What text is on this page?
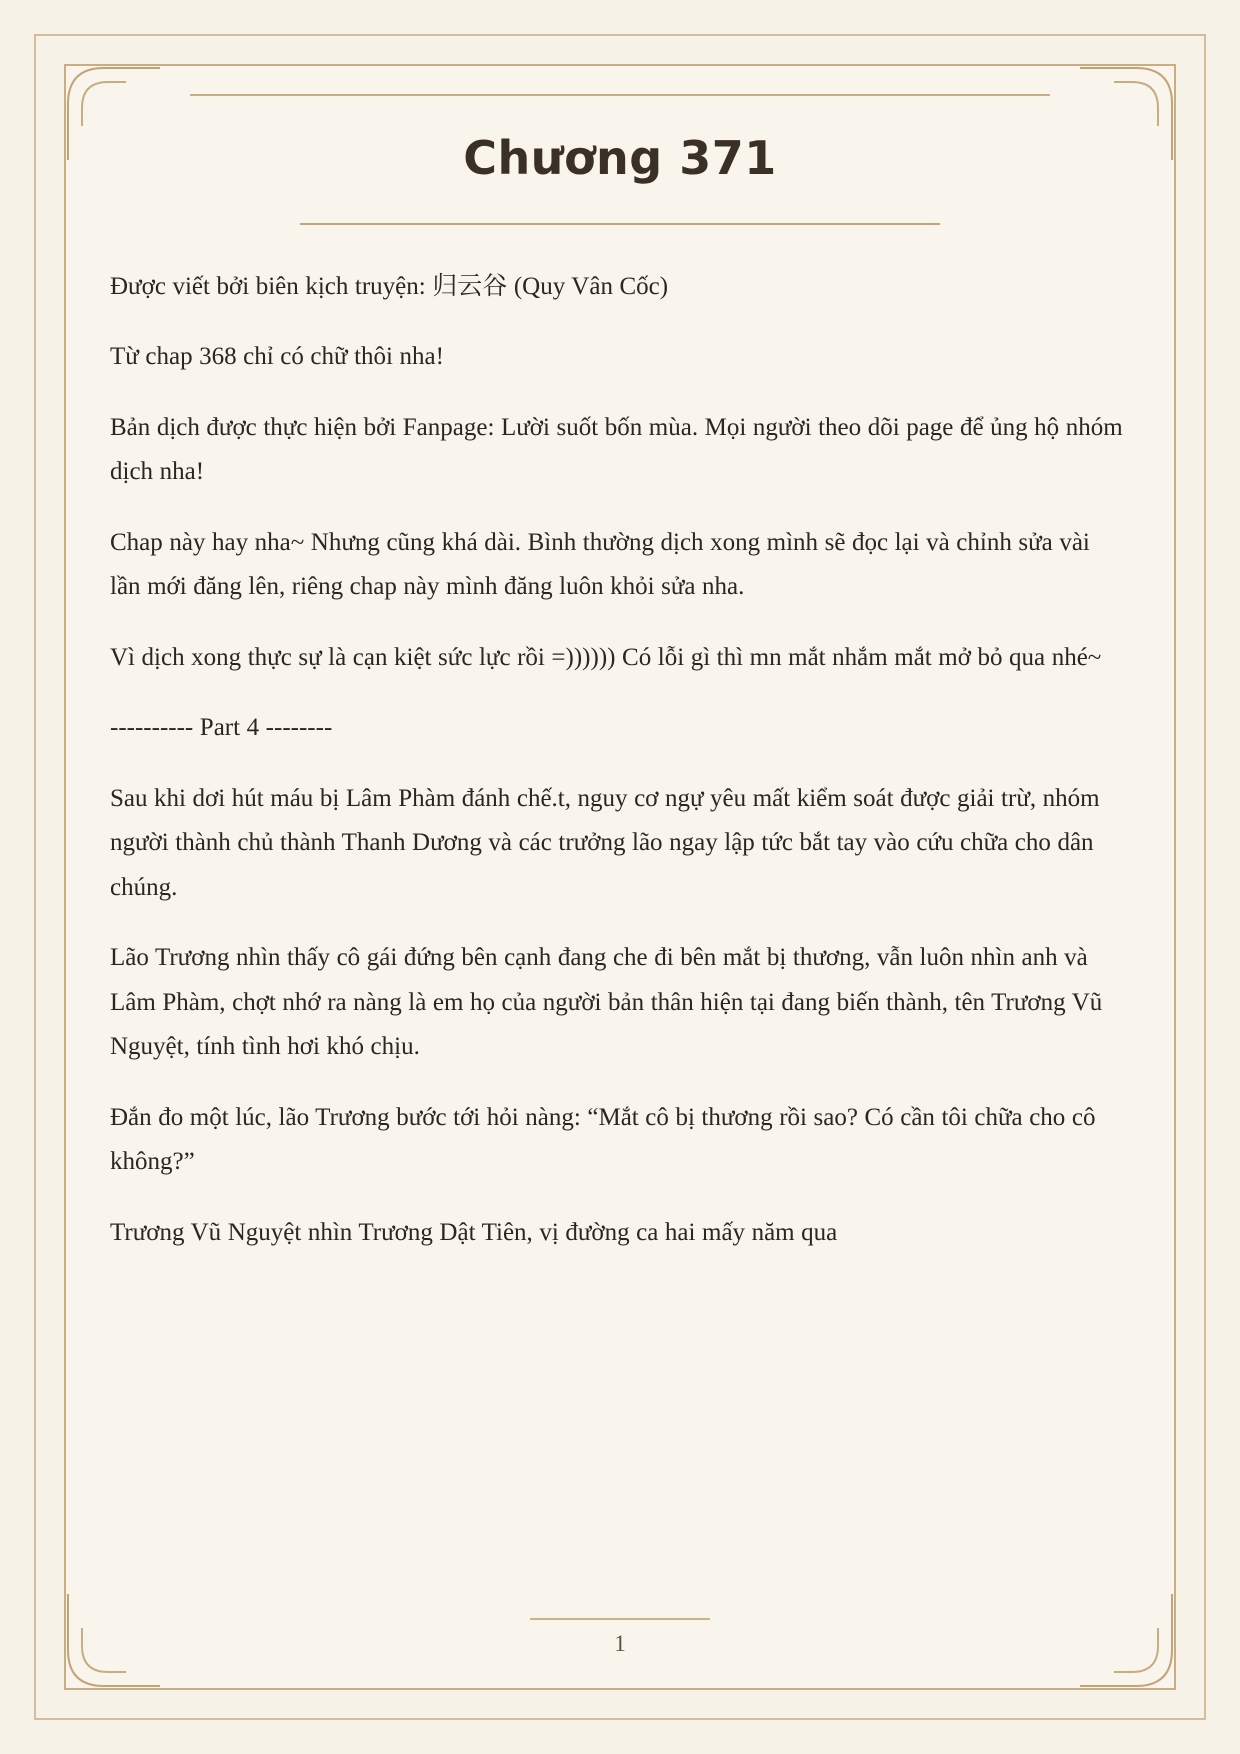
Chương 371

Được viết bởi biên kịch truyện: 归云谷 (Quy Vân Cốc)

Từ chap 368 chỉ có chữ thôi nha!

Bản dịch được thực hiện bởi Fanpage: Lười suốt bốn mùa. Mọi người theo dõi page để ủng hộ nhóm dịch nha!

Chap này hay nha~ Nhưng cũng khá dài. Bình thường dịch xong mình sẽ đọc lại và chỉnh sửa vài lần mới đăng lên, riêng chap này mình đăng luôn khỏi sửa nha.

Vì dịch xong thực sự là cạn kiệt sức lực rồi =)))))) Có lỗi gì thì mn mắt nhắm mắt mở bỏ qua nhé~

---------- Part 4 --------

Sau khi dơi hút máu bị Lâm Phàm đánh chế.t, nguy cơ ngự yêu mất kiểm soát được giải trừ, nhóm người thành chủ thành Thanh Dương và các trưởng lão ngay lập tức bắt tay vào cứu chữa cho dân chúng.

Lão Trương nhìn thấy cô gái đứng bên cạnh đang che đi bên mắt bị thương, vẫn luôn nhìn anh và Lâm Phàm, chợt nhớ ra nàng là em họ của người bản thân hiện tại đang biến thành, tên Trương Vũ Nguyệt, tính tình hơi khó chịu.

Đắn đo một lúc, lão Trương bước tới hỏi nàng: “Mắt cô bị thương rồi sao? Có cần tôi chữa cho cô không?”

Trương Vũ Nguyệt nhìn Trương Dật Tiên, vị đường ca hai mấy năm qua

1
